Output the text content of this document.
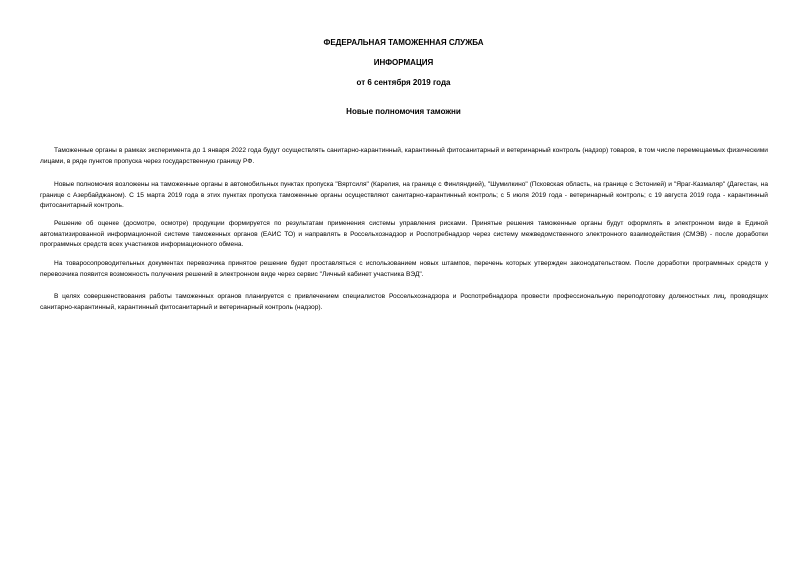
ФЕДЕРАЛЬНАЯ ТАМОЖЕННАЯ СЛУЖБА
ИНФОРМАЦИЯ
от 6 сентября 2019 года
Новые полномочия таможни

Таможенные органы в рамках эксперимента до 1 января 2022 года будут осуществлять санитарно-карантинный, карантинный фитосанитарный и ветеринарный контроль (надзор) товаров, в том числе перемещаемых физическими лицами, в ряде пунктов пропуска через государственную границу РФ.

Новые полномочия возложены на таможенные органы в автомобильных пунктах пропуска "Вяртсиля" (Карелия, на границе с Финляндией), "Шумилкино" (Псковская область, на границе с Эстонией) и "Яраг-Казмаляр" (Дагестан, на границе с Азербайджаном). С 15 марта 2019 года в этих пунктах пропуска таможенные органы осуществляют санитарно-карантинный контроль; с 5 июля 2019 года - ветеринарный контроль; с 19 августа 2019 года - карантинный фитосанитарный контроль.

Решение об оценке (досмотре, осмотре) продукции формируется по результатам применения системы управления рисками. Принятые решения таможенные органы будут оформлять в электронном виде в Единой автоматизированной информационной системе таможенных органов (ЕАИС ТО) и направлять в Россельхознадзор и Роспотребнадзор через систему межведомственного электронного взаимодействия (СМЭВ) - после доработки программных средств всех участников информационного обмена.

На товаросопроводительных документах перевозчика принятое решение будет проставляться с использованием новых штампов, перечень которых утвержден законодательством. После доработки программных средств у перевозчика появится возможность получения решений в электронном виде через сервис "Личный кабинет участника ВЭД".

В целях совершенствования работы таможенных органов планируется с привлечением специалистов Россельхознадзора и Роспотребнадзора провести профессиональную переподготовку должностных лиц, проводящих санитарно-карантинный, карантинный фитосанитарный и ветеринарный контроль (надзор).
